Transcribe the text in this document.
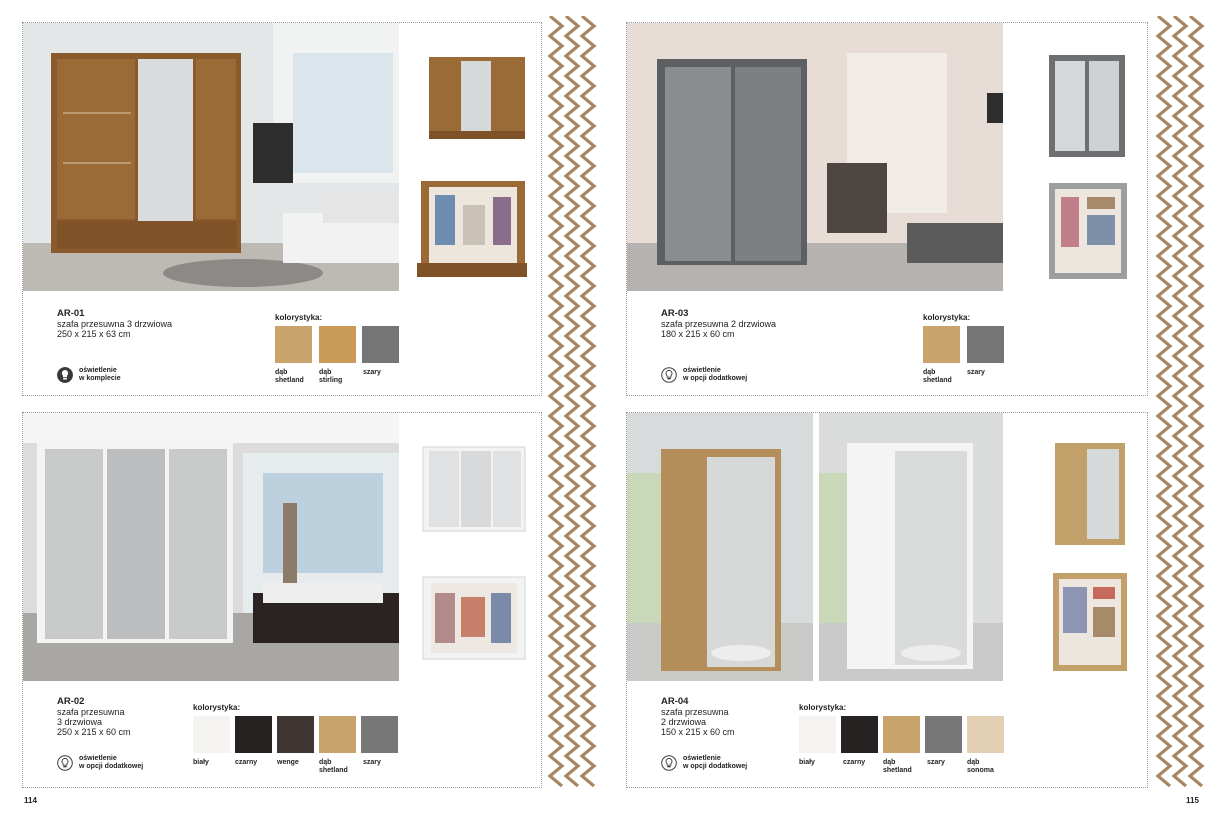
AR-01
szafa przesuwna 3 drzwiowa
250 x 215 x 63 cm
oświetlenie
w komplecie
kolorystyka:
dąb
shetland
dąb
stirling
szary
AR-02
szafa przesuwna
3 drzwiowa
250 x 215 x 60 cm
oświetlenie
w opcji dodatkowej
kolorystyka:
biały	czarny	wenge	dąb
shetland
szary
114
AR-03
szafa przesuwna 2 drzwiowa
180 x 215 x 60 cm
oświetlenie
w opcji dodatkowej
kolorystyka:
dąb
shetland
szary
AR-04
szafa przesuwna
2 drzwiowa
150 x 215 x 60 cm
oświetlenie
w opcji dodatkowej
kolorystyka:
biały	czarny	dąb
shetland
szary	dąb
sonoma
115
